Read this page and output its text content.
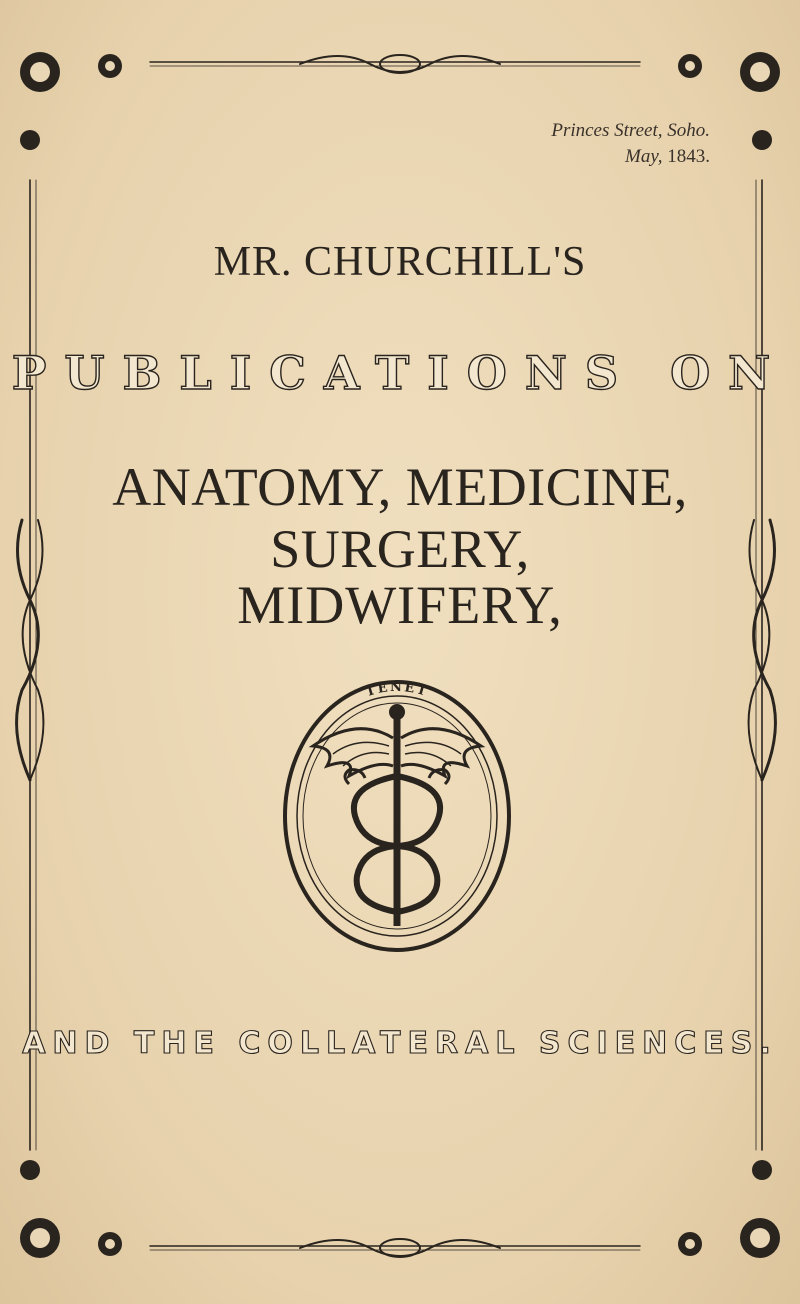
Princes Street, Soho.
May, 1843.
MR. CHURCHILL'S
PUBLICATIONS ON
ANATOMY, MEDICINE, SURGERY,
MIDWIFERY,
TENET
AND THE COLLATERAL SCIENCES.
